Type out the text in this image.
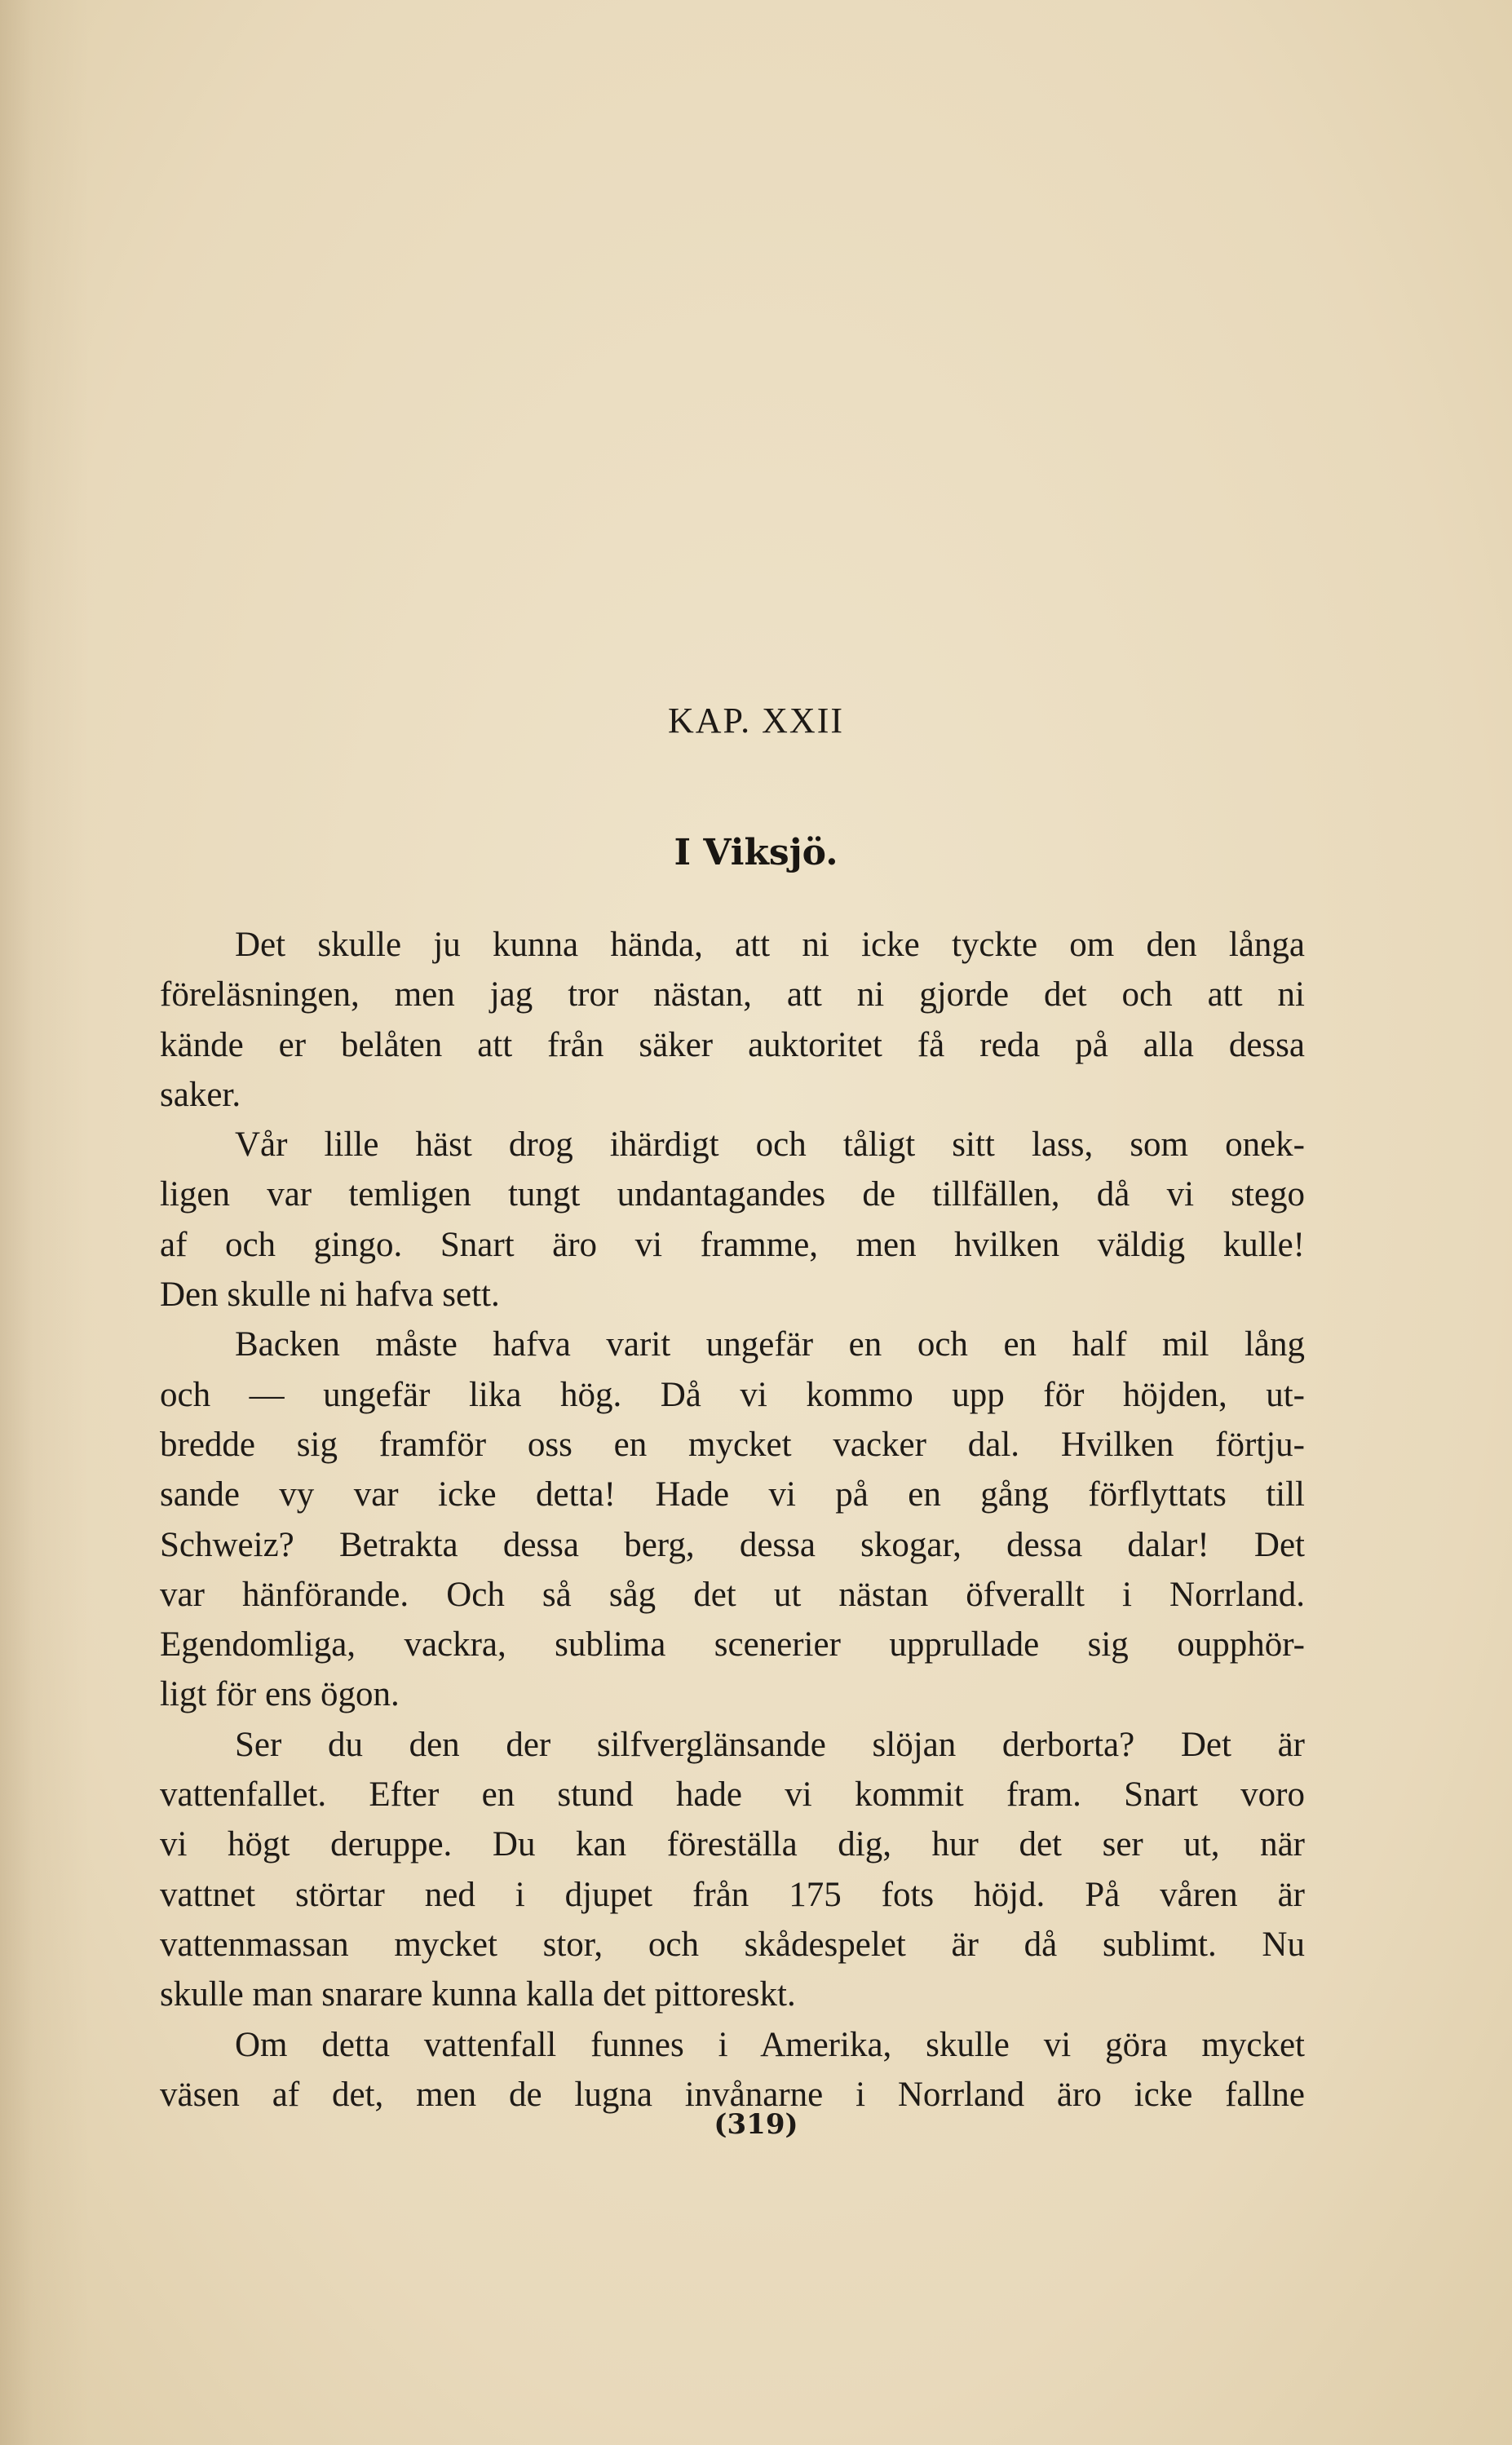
KAP. XXII
I Viksjö.
Det skulle ju kunna hända, att ni icke tyckte om den långa
föreläsningen, men jag tror nästan, att ni gjorde det och att ni
kände er belåten att från säker auktoritet få reda på alla dessa
saker.
Vår lille häst drog ihärdigt och tåligt sitt lass, som onek-
ligen var temligen tungt undantagandes de tillfällen, då vi stego
af och gingo. Snart äro vi framme, men hvilken väldig kulle!
Den skulle ni hafva sett.
Backen måste hafva varit ungefär en och en half mil lång
och — ungefär lika hög. Då vi kommo upp för höjden, ut-
bredde sig framför oss en mycket vacker dal. Hvilken förtju-
sande vy var icke detta! Hade vi på en gång förflyttats till
Schweiz? Betrakta dessa berg, dessa skogar, dessa dalar! Det
var hänförande. Och så såg det ut nästan öfverallt i Norrland.
Egendomliga, vackra, sublima scenerier upprullade sig oupphör-
ligt för ens ögon.
Ser du den der silfverglänsande slöjan derborta? Det är
vattenfallet. Efter en stund hade vi kommit fram. Snart voro
vi högt deruppe. Du kan föreställa dig, hur det ser ut, när
vattnet störtar ned i djupet från 175 fots höjd. På våren är
vattenmassan mycket stor, och skådespelet är då sublimt. Nu
skulle man snarare kunna kalla det pittoreskt.
Om detta vattenfall funnes i Amerika, skulle vi göra mycket
väsen af det, men de lugna invånarne i Norrland äro icke fallne
(319)
